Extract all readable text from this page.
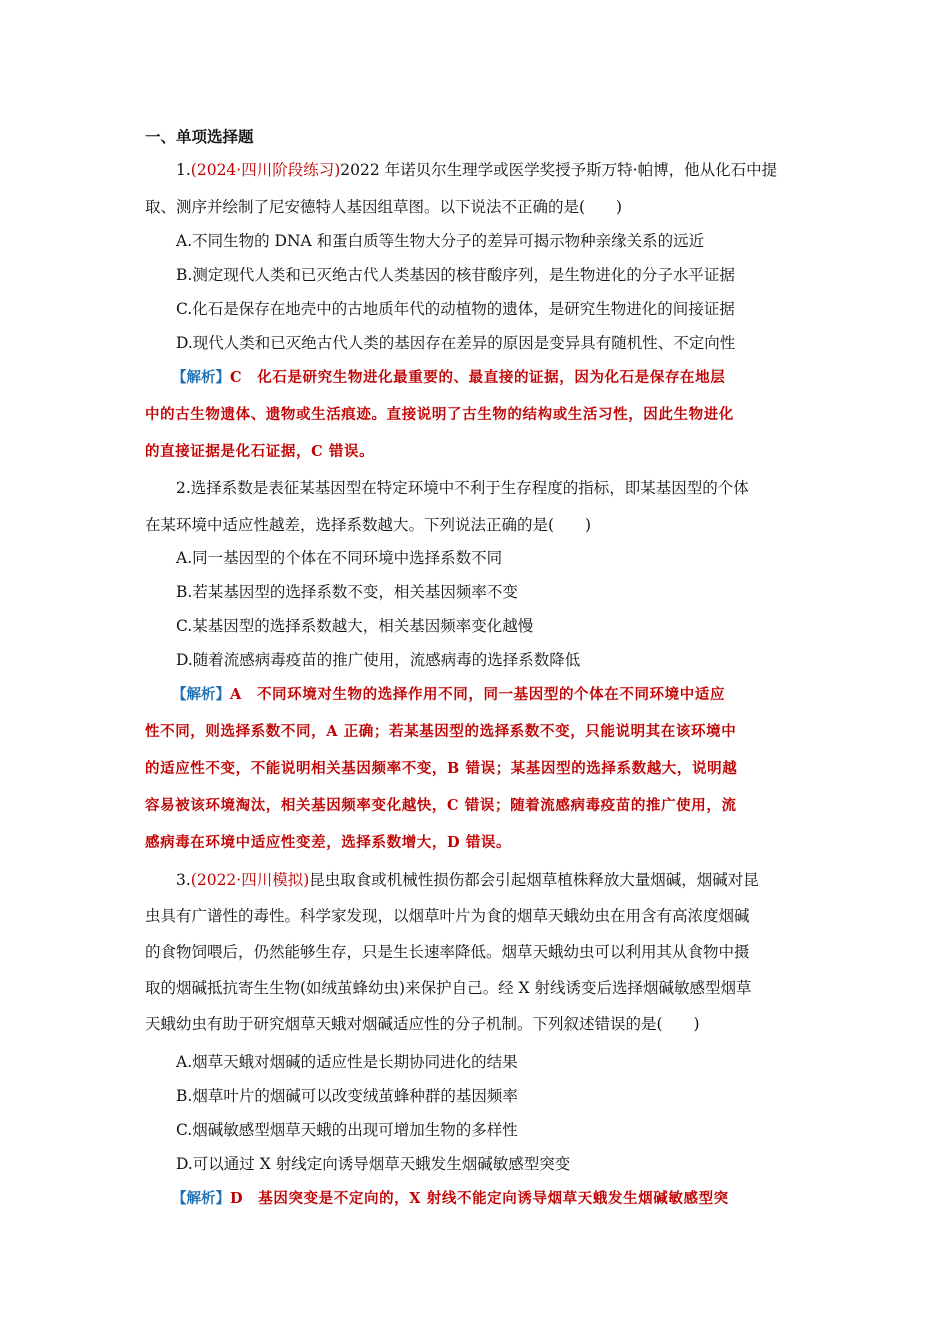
一、单项选择题
1.(2024·四川阶段练习)2022 年诺贝尔生理学或医学奖授予斯万特·帕博，他从化石中提
取、测序并绘制了尼安德特人基因组草图。以下说法不正确的是(　　)
A.不同生物的 DNA 和蛋白质等生物大分子的差异可揭示物种亲缘关系的远近
B.测定现代人类和已灭绝古代人类基因的核苷酸序列，是生物进化的分子水平证据
C.化石是保存在地壳中的古地质年代的动植物的遗体，是研究生物进化的间接证据
D.现代人类和已灭绝古代人类的基因存在差异的原因是变异具有随机性、不定向性
【解析】C　化石是研究生物进化最重要的、最直接的证据，因为化石是保存在地层
中的古生物遗体、遗物或生活痕迹。直接说明了古生物的结构或生活习性，因此生物进化
的直接证据是化石证据，C 错误。
2.选择系数是表征某基因型在特定环境中不利于生存程度的指标，即某基因型的个体
在某环境中适应性越差，选择系数越大。下列说法正确的是(　　)
A.同一基因型的个体在不同环境中选择系数不同
B.若某基因型的选择系数不变，相关基因频率不变
C.某基因型的选择系数越大，相关基因频率变化越慢
D.随着流感病毒疫苗的推广使用，流感病毒的选择系数降低
【解析】A　不同环境对生物的选择作用不同，同一基因型的个体在不同环境中适应
性不同，则选择系数不同，A 正确；若某基因型的选择系数不变，只能说明其在该环境中
的适应性不变，不能说明相关基因频率不变，B 错误；某基因型的选择系数越大，说明越
容易被该环境淘汰，相关基因频率变化越快，C 错误；随着流感病毒疫苗的推广使用，流
感病毒在环境中适应性变差，选择系数增大，D 错误。
3.(2022·四川模拟)昆虫取食或机械性损伤都会引起烟草植株释放大量烟碱，烟碱对昆
虫具有广谱性的毒性。科学家发现，以烟草叶片为食的烟草天蛾幼虫在用含有高浓度烟碱
的食物饲喂后，仍然能够生存，只是生长速率降低。烟草天蛾幼虫可以利用其从食物中摄
取的烟碱抵抗寄生生物(如绒茧蜂幼虫)来保护自己。经 X 射线诱变后选择烟碱敏感型烟草
天蛾幼虫有助于研究烟草天蛾对烟碱适应性的分子机制。下列叙述错误的是(　　)
A.烟草天蛾对烟碱的适应性是长期协同进化的结果
B.烟草叶片的烟碱可以改变绒茧蜂种群的基因频率
C.烟碱敏感型烟草天蛾的出现可增加生物的多样性
D.可以通过 X 射线定向诱导烟草天蛾发生烟碱敏感型突变
【解析】D　基因突变是不定向的，X 射线不能定向诱导烟草天蛾发生烟碱敏感型突
